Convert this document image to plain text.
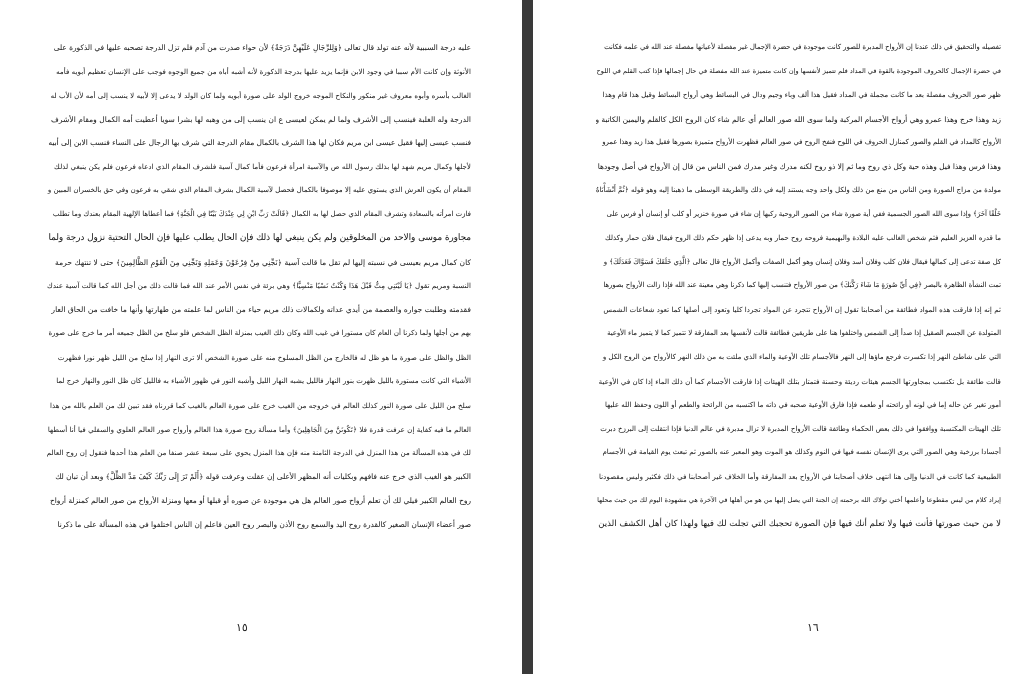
عليه درجة السببية لأنه عنه تولد قال تعالى ﴿وَلِلرِّجَالِ عَلَيْهِنَّ دَرَجَةٌ﴾ لأن حواء صدرت من آدم فلم تزل الدرجة تصحبه عليها في الذكورة على
الأنوثة وإن كانت الأم سببا في وجود الابن فإنما يزيد عليها بدرجة الذكورة لأنه أشبه أباه من جميع الوجوه فوجب على الإنسان تعظيم أبويه فأمه
الغالب بأسره وأبوه معروف غير منكور والنكاح الموجه خروج الولد على صورة أبويه ولما كان الولد لا يدعى إلا لأبيه لا ينسب إلى أمه لأن الأب له
الدرجة وله الغلبة فينسب إلى الأشرف ولما لم يمكن لعيسى ع ان ينسب إلى من وهبه لها بشرا سويا أعطيت أمه الكمال ومقام الأشرف
فنسب عيسى إليها فقيل عيسى ابن مريم فكان لها هذا الشرف بالكمال مقام الدرجة التي شرف بها الرجال على النساء فنسب الابن إلى أبيه
لأجلها وكمال مريم شهد لها بذلك رسول الله ص والآسية امرأة فرعون فأما كمال آسية فلشرف المقام الذي ادعاه فرعون فلم يكن ينبغي لذلك
المقام أن يكون العرش الذي يستوي عليه إلا موصوفا بالكمال فحصل لآسية الكمال بشرف المقام الذي شقي به فرعون وفي حق بالخسران المبين و
فازت امرأته بالسعادة وتشرف المقام الذي حصل لها به الكمال ﴿قَالَتْ رَبِّ ابْنِ لِي عِنْدَكَ بَيْتًا فِي الْجَنَّةِ﴾ فما أعطاها الإلهية المقام بعندك وما تطلب
مجاورة موسى والاحد من المخلوقين ولم يكن ينبغي لها ذلك فإن الحال يطلب عليها فإن الحال التحتية نزول درجة ولما
كان كمال مريم بعيسى في نسبته إليها لم تقل ما قالت آسية ﴿نَجِّنِي مِنْ فِرْعَوْنَ وَعَمَلِهِ وَنَجِّنِي مِنَ الْقَوْمِ الظَّالِمِينَ﴾ حتى لا تنتهك حرمة
النسبة ومريم تقول ﴿يَا لَيْتَنِي مِتُّ قَبْلَ هَذَا وَكُنْتُ نَسْيًا مَنْسِيًّا﴾ وهي برئة في نفس الأمر عند الله فما قالت ذلك من أجل الله كما قالت آسية عندك
فقدمته وطلبت جواره والعصمة من أيدي عداته ولكمالات ذلك مريم حياء من الناس لما علمته من طهارتها وأنها ما خافت من الحاق العار
بهم من أجلها ولما ذكرنا أن العام كان مستورا في غيب الله وكان ذلك الغيب بمنزلة الظل الشخص فلو سلخ من الظل جميعه أمر ما خرج على صورة
الظل والظل على صورة ما هو ظل له فالخارج من الظل المسلوخ منه على صورة الشخص ألا ترى النهار إذا سلخ من الليل ظهر نورا فظهرت
الأشياء التي كانت مستورة بالليل ظهرت بنور النهار فالليل يشبه النهار الليل وأشبه النور في ظهور الأشياء به فالليل كان ظل النور والنهار خرج لما
سلخ من الليل على صورة النور كذلك العالم في خروجه من الغيب خرج على صورة العالم بالغيب كما قررناه فقد تبين لك من العلم بالله من هذا
العالم ما فيه كفاية إن عرفت قدرة فلا ﴿تَكُونَنَّ مِنَ الْجَاهِلِينَ﴾ وأما مسألة روح صورة هذا العالم وأرواح صور العالم العلوي والسفلي فيا أنا أسطها
لك في هذه المسألة من هذا المنزل في الدرجة الثامنة منه فإن هذا المنزل يحوي على سبعة عشر صنفا من العلم هذا أحدها فنقول إن روح العالم
الكبير هو الغيب الذي خرج عنه فافهم وبكليات أنه المظهر الأعلى إن عقلت وعرفت قوله ﴿أَلَمْ تَرَ إِلَى رَبِّكَ كَيْفَ مَدَّ الظِّلَّ﴾ وبعد أن تبان لك
روح العالم الكبير فيلي لك أن تعلم أرواح صور العالم هل هي موجودة عن صوره أو قبلها أو معها ومنزلة الأرواح من صور العالم كمنزلة أرواح
صور أعضاء الإنسان الصغير كالقدرة روح اليد والسمع روح الأذن والبصر روح العين فاعلم إن الناس اختلفوا في هذه المسألة على ما ذكرنا
١٥
تفصيله والتحقيق في ذلك عندنا إن الأرواح المدبرة للصور كانت موجودة في حضرة الإجمال غير مفصلة لأعيانها مفصلة عند الله في علمه فكانت
في حضرة الإجمال كالحروف الموجودة بالقوة في المداد فلم تتميز لأنفسها وإن كانت متميزة عند الله مفصلة في حال إجمالها فإذا كتب القلم في اللوح
ظهر صور الحروف مفصلة بعد ما كانت مجملة في المداد فقيل هذا ألف وباء وجيم ودال في البسائط وهي أرواح البسائط وقيل هذا قام وهذا
زيد وهذا خرج وهذا عمرو وهي أرواح الأجسام المركبة ولما سوى الله صور العالم أي عالم شاء كان الروح الكل كالقلم واليمين الكاتبة و
الأرواح كالمداد في القلم والصور كمنازل الحروف في اللوح فنفخ الروح في صور العالم فظهرت الأرواح متميزة بصورها فقيل هذا زيد وهذا عمرو
وهذا فرس وهذا فيل وهذه حية وكل ذي روح وما ثم إلا ذو روح لكنه مدرك وغير مدرك فمن الناس من قال إن الأرواح في أصل وجودها
مولدة من مزاج الصورة ومن الناس من منع من ذلك ولكل واحد وجه يستند إليه في ذلك والطريقة الوسطى ما ذهبنا إليه وهو قوله ﴿ثُمَّ أَنْشَأْنَاهُ
خَلْقًا آخَرَ﴾ وإذا سوى الله الصور الجسمية ففي أية صورة شاء من الصور الروحية ركبها إن شاء في صورة خنزير أو كلب أو إنسان أو فرس على
ما قدره العزيز العليم فثم شخص الغالب عليه البلادة والبهيمية فروحه روح حمار وبه يدعى إذا ظهر حكم ذلك الروح فيقال فلان حمار وكذلك
كل صفة تدعى إلى كمالها فيقال فلان كلب وفلان أسد وفلان إنسان وهو أكمل الصفات وأكمل الأرواح قال تعالى ﴿الَّذِي خَلَقَكَ فَسَوَّاكَ فَعَدَلَكَ﴾ و
تمت النشأة الظاهرة بالبصر ﴿فِي أَيِّ صُورَةٍ مَا شَاءَ رَكَّبَكَ﴾ من صور الأرواح فتنسب إليها كما ذكرنا وهي معينة عند الله فإذا زالت الأرواح بصورها
ثم إنه إذا فارقت هذه المواد فطائفة من أصحابنا تقول إن الأرواح تتجرد عن المواد تجردا كليا وتعود إلى أصلها كما تعود شعاعات الشمس
المتولدة عن الجسم الصقيل إذا صدأ إلى الشمس واختلفوا هنا على طريقين فطائفة قالت لأنفسها بعد المفارقة لا تتميز كما لا يتميز ماء الأوعية
التي على شاطئ النهر إذا تكسرت فرجع ماؤها إلى النهر فالأجسام تلك الأوعية والماء الذي ملئت به من ذلك النهر كالأرواح من الروح الكل و
قالت طائفة بل تكتسب بمجاورتها الجسم هيئات رديئة وحسنة فتمتاز بتلك الهيئات إذا فارقت الأجسام كما أن ذلك الماء إذا كان في الأوعية
أمور تغير عن حاله إما في لونه أو رائحته أو طعمه فإذا فارق الأوعية صحبه في ذاته ما اكتسبه من الرائحة والطعم أو اللون وحفظ الله عليها
تلك الهيئات المكتسبة ووافقوا في ذلك بعض الحكماء وطائفة قالت الأرواح المدبرة لا تزال مدبرة في عالم الدنيا فإذا انتقلت إلى البرزخ دبرت
أجسادا برزخية وهي الصور التي يرى الإنسان نفسه فيها في النوم وكذلك هو الموت وهو المعبر عنه بالصور ثم تبعث يوم القيامة في الأجسام
الطبيعية كما كانت في الدنيا وإلى هنا انتهى خلاف أصحابنا في الأرواح بعد المفارقة وأما الخلاف غير أصحابنا في ذلك فكثير وليس مقصودنا
إيراد كلام من ليس مقطوعا وأعلمها أختي تولاك الله برحمته إن الجنة التي يصل إليها من هو من أهلها في الآخرة هي مشهودة اليوم لك من حيث محلها
لا من حيث صورتها فأنت فيها ولا تعلم أنك فيها فإن الصورة تحجبك التي تجلت لك فيها ولهذا كان أهل الكشف الذين
١٦
